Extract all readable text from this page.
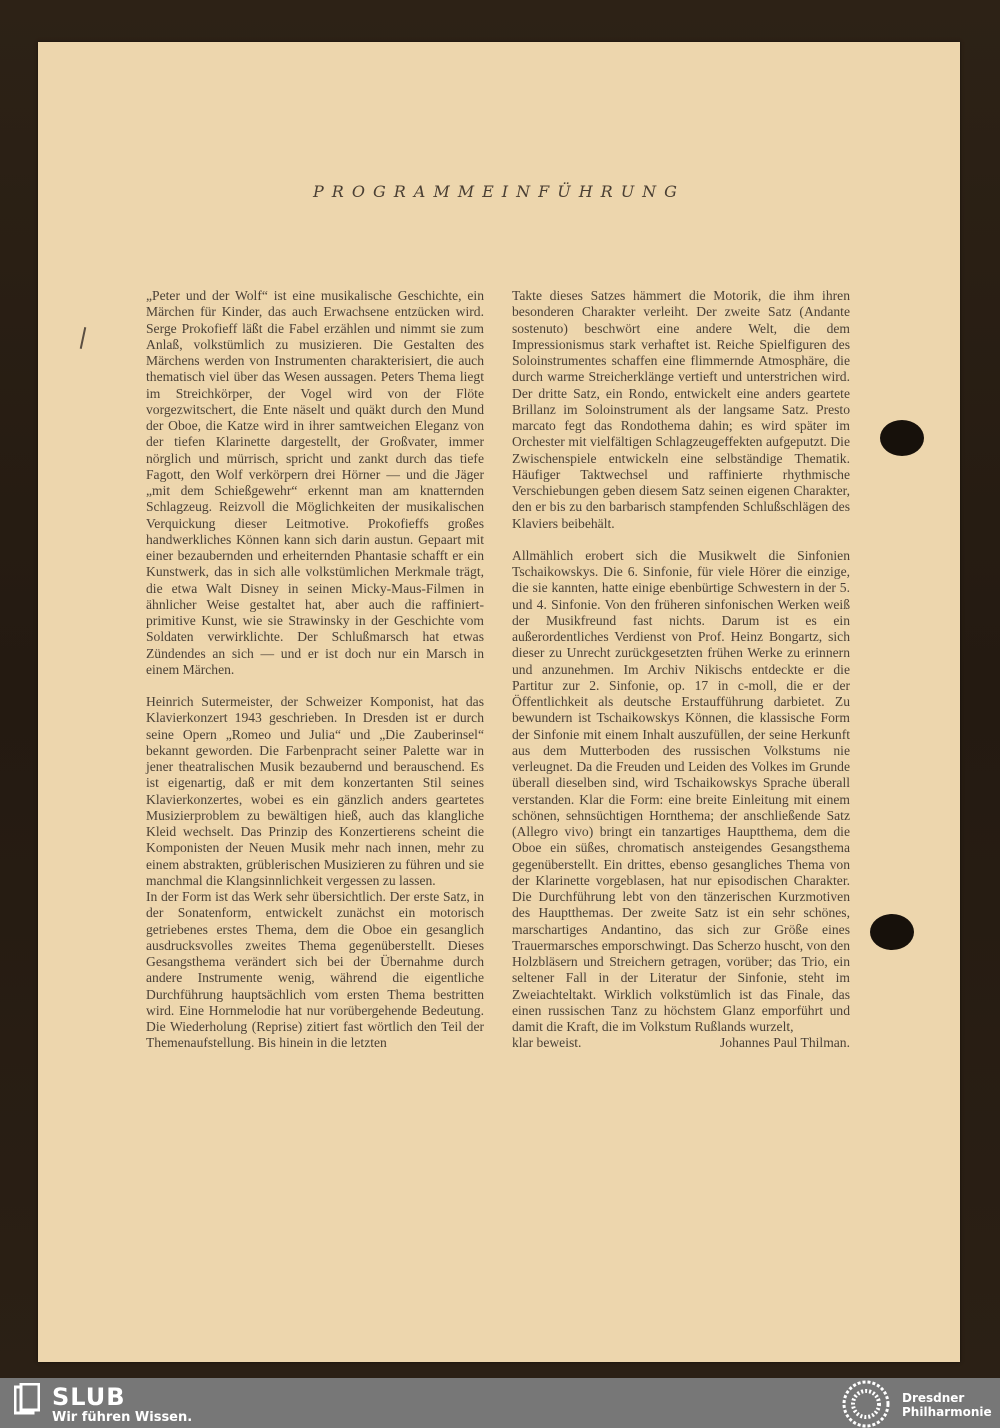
PROGRAMMEINFÜHRUNG

„Peter und der Wolf“ ist eine musikalische Geschichte, ein Märchen für Kinder, das auch Erwachsene entzücken wird. Serge Prokofieff läßt die Fabel erzählen und nimmt sie zum Anlaß, volkstümlich zu musizieren. Die Gestalten des Märchens werden von Instrumenten charakterisiert, die auch thematisch viel über das Wesen aussagen. Peters Thema liegt im Streichkörper, der Vogel wird von der Flöte vorgezwitschert, die Ente näselt und quäkt durch den Mund der Oboe, die Katze wird in ihrer samtweichen Eleganz von der tiefen Klarinette dargestellt, der Großvater, immer nörglich und mürrisch, spricht und zankt durch das tiefe Fagott, den Wolf verkörpern drei Hörner — und die Jäger „mit dem Schießgewehr“ erkennt man am knatternden Schlagzeug. Reizvoll die Möglichkeiten der musikalischen Verquickung dieser Leitmotive. Prokofieffs großes handwerkliches Können kann sich darin austun. Gepaart mit einer bezaubernden und erheiternden Phantasie schafft er ein Kunstwerk, das in sich alle volkstümlichen Merkmale trägt, die etwa Walt Disney in seinen Micky-Maus-Filmen in ähnlicher Weise gestaltet hat, aber auch die raffiniert-primitive Kunst, wie sie Strawinsky in der Geschichte vom Soldaten verwirklichte. Der Schlußmarsch hat etwas Zündendes an sich — und er ist doch nur ein Marsch in einem Märchen.

Heinrich Sutermeister, der Schweizer Komponist, hat das Klavierkonzert 1943 geschrieben. In Dresden ist er durch seine Opern „Romeo und Julia“ und „Die Zauberinsel“ bekannt geworden. Die Farbenpracht seiner Palette war in jener theatralischen Musik bezaubernd und berauschend. Es ist eigenartig, daß er mit dem konzertanten Stil seines Klavierkonzertes, wobei es ein gänzlich anders geartetes Musizierproblem zu bewältigen hieß, auch das klangliche Kleid wechselt. Das Prinzip des Konzertierens scheint die Komponisten der Neuen Musik mehr nach innen, mehr zu einem abstrakten, grüblerischen Musizieren zu führen und sie manchmal die Klangsinnlichkeit vergessen zu lassen.

In der Form ist das Werk sehr übersichtlich. Der erste Satz, in der Sonatenform, entwickelt zunächst ein motorisch getriebenes erstes Thema, dem die Oboe ein gesanglich ausdrucksvolles zweites Thema gegenüberstellt. Dieses Gesangsthema verändert sich bei der Übernahme durch andere Instrumente wenig, während die eigentliche Durchführung hauptsächlich vom ersten Thema bestritten wird. Eine Hornmelodie hat nur vorübergehende Bedeutung. Die Wiederholung (Reprise) zitiert fast wörtlich den Teil der Themenaufstellung. Bis hinein in die letzten

Takte dieses Satzes hämmert die Motorik, die ihm ihren besonderen Charakter verleiht. Der zweite Satz (Andante sostenuto) beschwört eine andere Welt, die dem Impressionismus stark verhaftet ist. Reiche Spielfiguren des Soloinstrumentes schaffen eine flimmernde Atmosphäre, die durch warme Streicherklänge vertieft und unterstrichen wird. Der dritte Satz, ein Rondo, entwickelt eine anders geartete Brillanz im Soloinstrument als der langsame Satz. Presto marcato fegt das Rondothema dahin; es wird später im Orchester mit vielfältigen Schlagzeugeffekten aufgeputzt. Die Zwischenspiele entwickeln eine selbständige Thematik. Häufiger Taktwechsel und raffinierte rhythmische Verschiebungen geben diesem Satz seinen eigenen Charakter, den er bis zu den barbarisch stampfenden Schlußschlägen des Klaviers beibehält.

Allmählich erobert sich die Musikwelt die Sinfonien Tschaikowskys. Die 6. Sinfonie, für viele Hörer die einzige, die sie kannten, hatte einige ebenbürtige Schwestern in der 5. und 4. Sinfonie. Von den früheren sinfonischen Werken weiß der Musikfreund fast nichts. Darum ist es ein außerordentliches Verdienst von Prof. Heinz Bongartz, sich dieser zu Unrecht zurückgesetzten frühen Werke zu erinnern und anzunehmen. Im Archiv Nikischs entdeckte er die Partitur zur 2. Sinfonie, op. 17 in c-moll, die er der Öffentlichkeit als deutsche Erstaufführung darbietet. Zu bewundern ist Tschaikowskys Können, die klassische Form der Sinfonie mit einem Inhalt auszufüllen, der seine Herkunft aus dem Mutterboden des russischen Volkstums nie verleugnet. Da die Freuden und Leiden des Volkes im Grunde überall dieselben sind, wird Tschaikowskys Sprache überall verstanden. Klar die Form: eine breite Einleitung mit einem schönen, sehnsüchtigen Hornthema; der anschließende Satz (Allegro vivo) bringt ein tanzartiges Hauptthema, dem die Oboe ein süßes, chromatisch ansteigendes Gesangsthema gegenüberstellt. Ein drittes, ebenso gesangliches Thema von der Klarinette vorgeblasen, hat nur episodischen Charakter. Die Durchführung lebt von den tänzerischen Kurzmotiven des Hauptthemas. Der zweite Satz ist ein sehr schönes, marschartiges Andantino, das sich zur Größe eines Trauermarsches emporschwingt. Das Scherzo huscht, von den Holzbläsern und Streichern getragen, vorüber; das Trio, ein seltener Fall in der Literatur der Sinfonie, steht im Zweiachteltakt. Wirklich volkstümlich ist das Finale, das einen russischen Tanz zu höchstem Glanz emporführt und damit die Kraft, die im Volkstum Rußlands wurzelt,

klar beweist.	Johannes Paul Thilman.
SLUB
Wir führen Wissen.
Dresdner
Philharmonie
